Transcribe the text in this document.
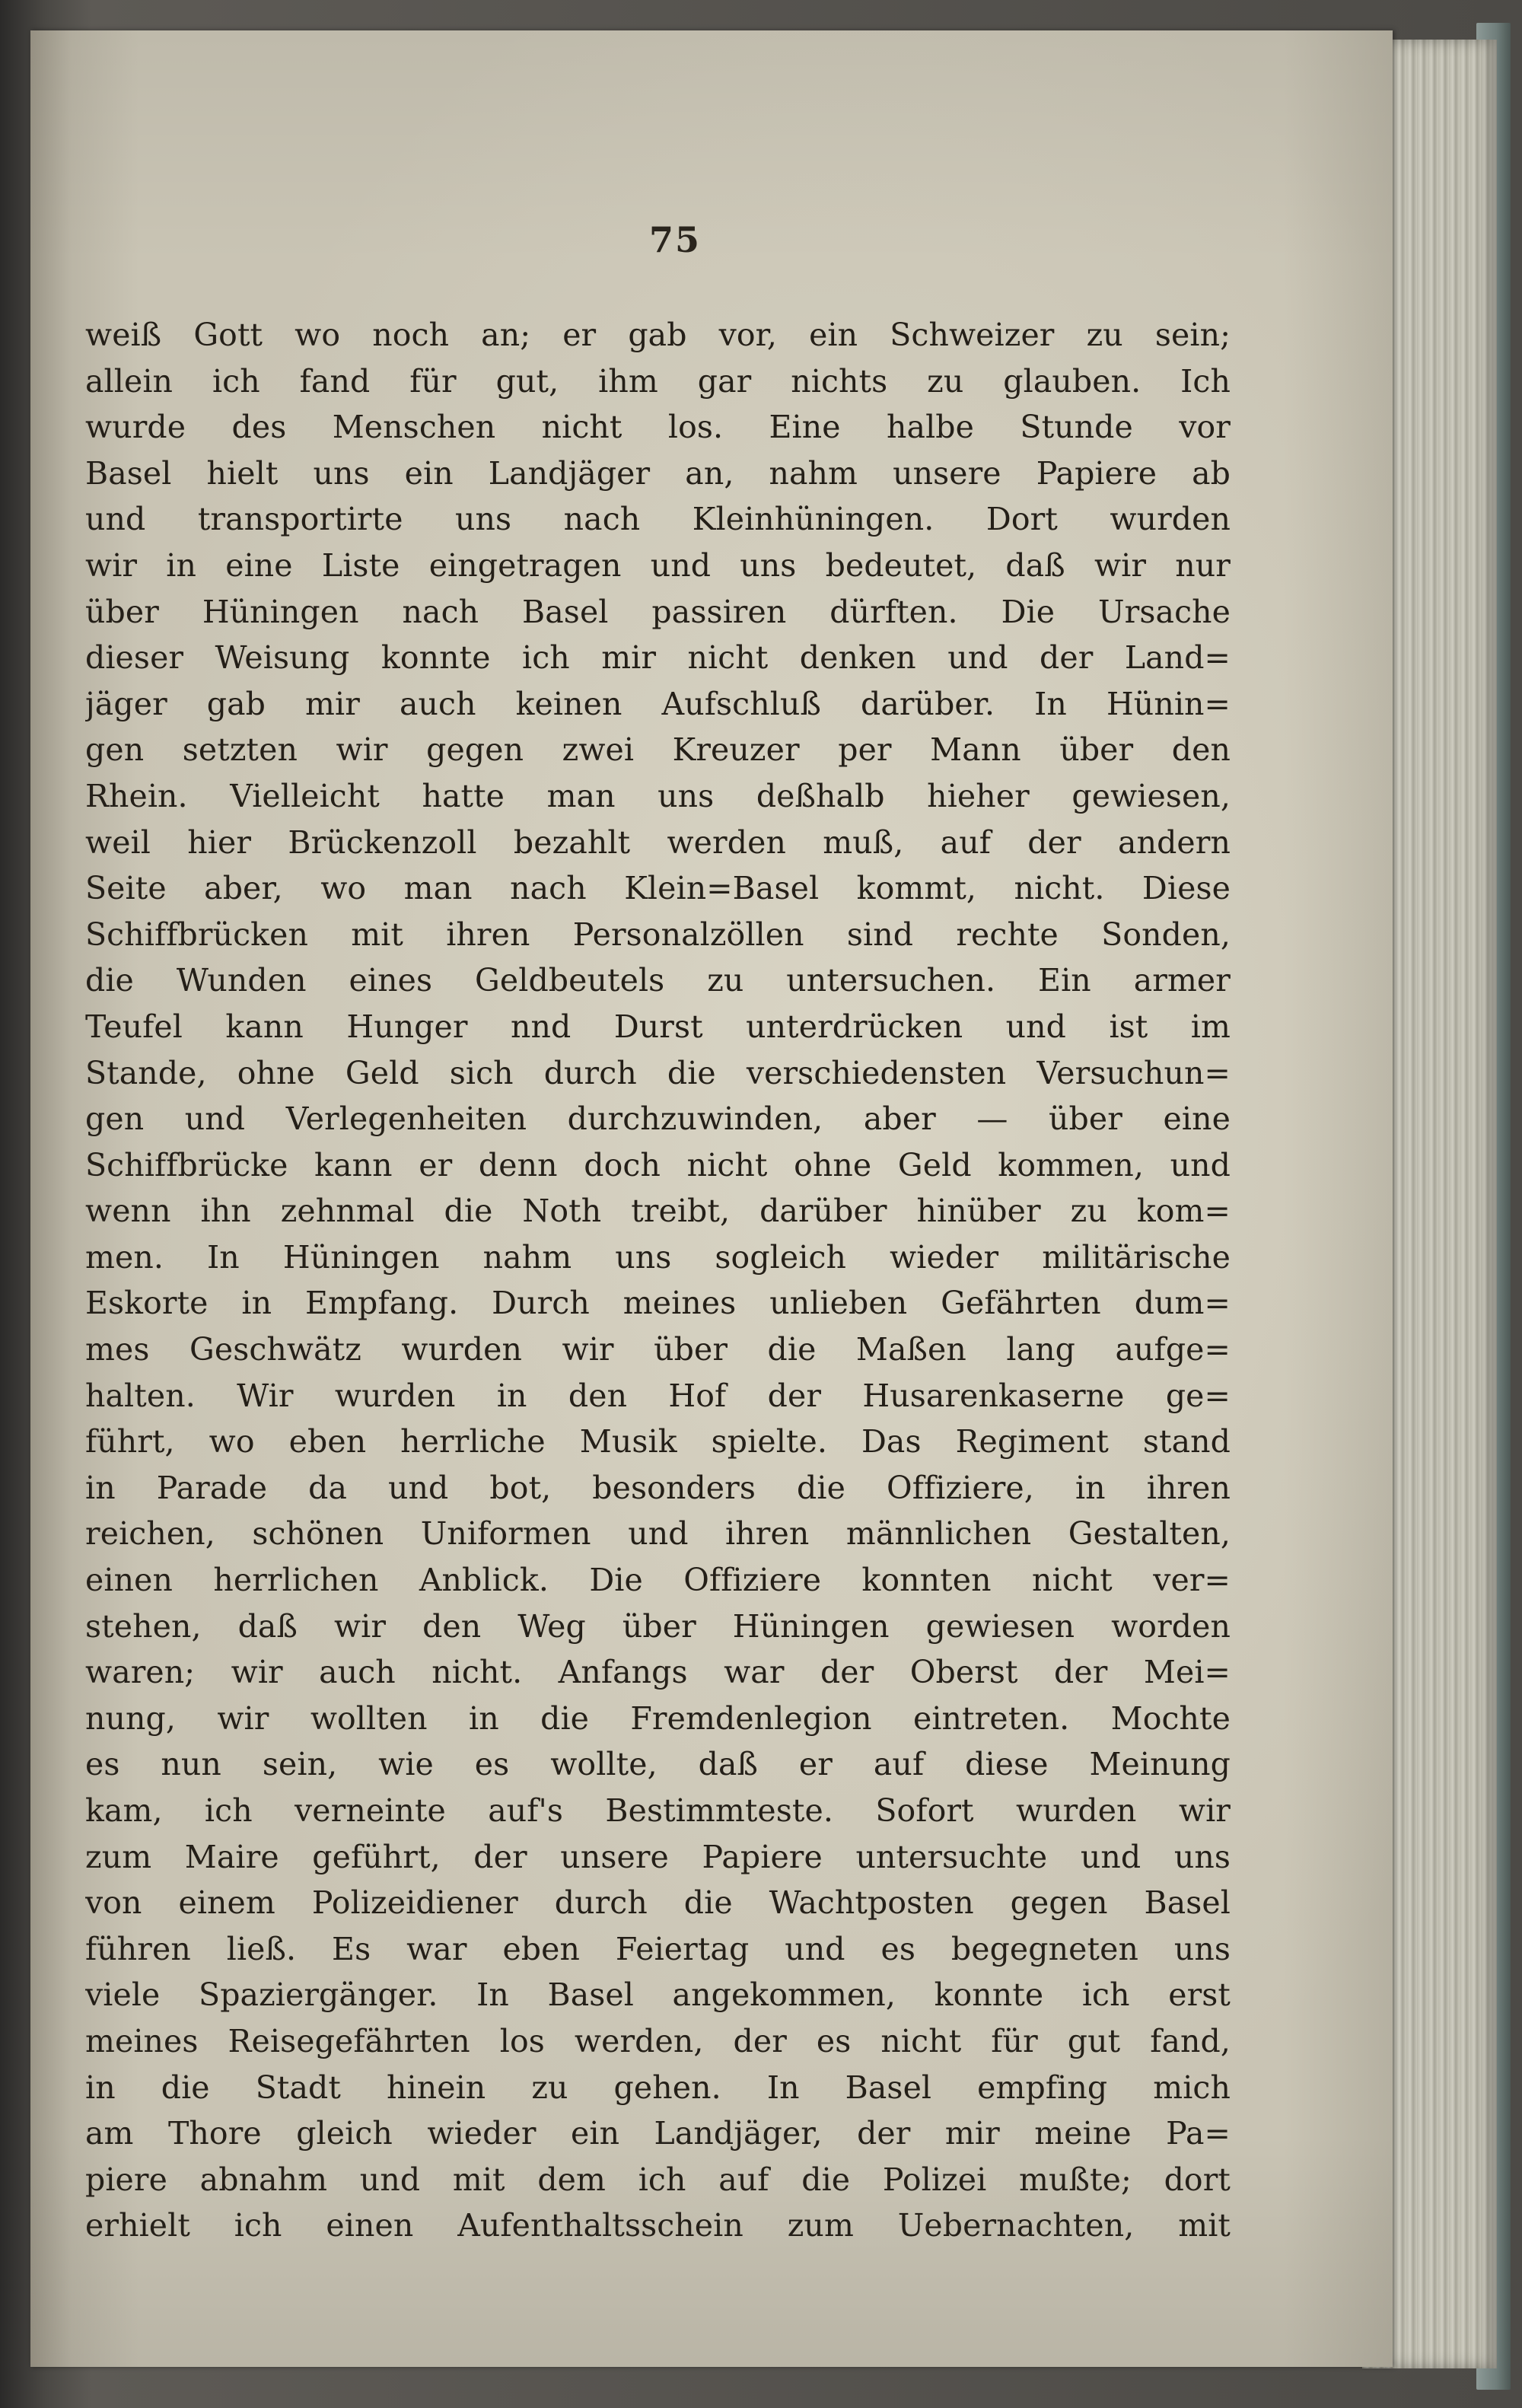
75
weiß Gott wo noch an; er gab vor, ein Schweizer zu sein;
allein ich fand für gut, ihm gar nichts zu glauben. Ich
wurde des Menschen nicht los. Eine halbe Stunde vor
Basel hielt uns ein Landjäger an, nahm unsere Papiere ab
und transportirte uns nach Kleinhüningen. Dort wurden
wir in eine Liste eingetragen und uns bedeutet, daß wir nur
über Hüningen nach Basel passiren dürften. Die Ursache
dieser Weisung konnte ich mir nicht denken und der Land=
jäger gab mir auch keinen Aufschluß darüber. In Hünin=
gen setzten wir gegen zwei Kreuzer per Mann über den
Rhein. Vielleicht hatte man uns deßhalb hieher gewiesen,
weil hier Brückenzoll bezahlt werden muß, auf der andern
Seite aber, wo man nach Klein=Basel kommt, nicht. Diese
Schiffbrücken mit ihren Personalzöllen sind rechte Sonden,
die Wunden eines Geldbeutels zu untersuchen. Ein armer
Teufel kann Hunger nnd Durst unterdrücken und ist im
Stande, ohne Geld sich durch die verschiedensten Versuchun=
gen und Verlegenheiten durchzuwinden, aber — über eine
Schiffbrücke kann er denn doch nicht ohne Geld kommen, und
wenn ihn zehnmal die Noth treibt, darüber hinüber zu kom=
men. In Hüningen nahm uns sogleich wieder militärische
Eskorte in Empfang. Durch meines unlieben Gefährten dum=
mes Geschwätz wurden wir über die Maßen lang aufge=
halten. Wir wurden in den Hof der Husarenkaserne ge=
führt, wo eben herrliche Musik spielte. Das Regiment stand
in Parade da und bot, besonders die Offiziere, in ihren
reichen, schönen Uniformen und ihren männlichen Gestalten,
einen herrlichen Anblick. Die Offiziere konnten nicht ver=
stehen, daß wir den Weg über Hüningen gewiesen worden
waren; wir auch nicht. Anfangs war der Oberst der Mei=
nung, wir wollten in die Fremdenlegion eintreten. Mochte
es nun sein, wie es wollte, daß er auf diese Meinung
kam, ich verneinte auf's Bestimmteste. Sofort wurden wir
zum Maire geführt, der unsere Papiere untersuchte und uns
von einem Polizeidiener durch die Wachtposten gegen Basel
führen ließ. Es war eben Feiertag und es begegneten uns
viele Spaziergänger. In Basel angekommen, konnte ich erst
meines Reisegefährten los werden, der es nicht für gut fand,
in die Stadt hinein zu gehen. In Basel empfing mich
am Thore gleich wieder ein Landjäger, der mir meine Pa=
piere abnahm und mit dem ich auf die Polizei mußte; dort
erhielt ich einen Aufenthaltsschein zum Uebernachten, mit
